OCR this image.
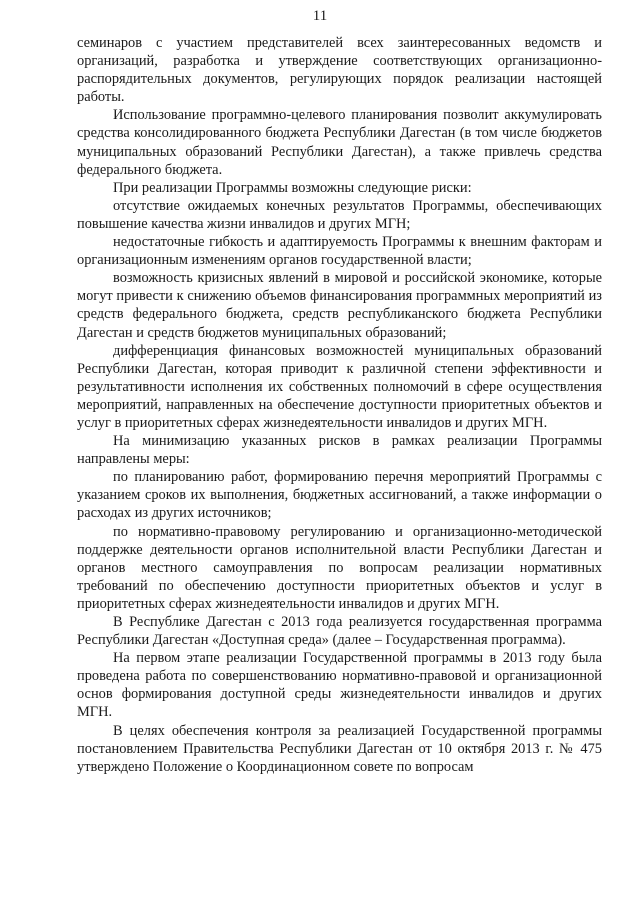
11

семинаров с участием представителей всех заинтересованных ведомств и организаций, разработка и утверждение соответствующих организационно-распорядительных документов, регулирующих порядок реализации настоящей работы.

Использование программно-целевого планирования позволит аккумулировать средства консолидированного бюджета Республики Дагестан (в том числе бюджетов муниципальных образований Республики Дагестан), а также привлечь средства федерального бюджета.

При реализации Программы возможны следующие риски:

отсутствие ожидаемых конечных результатов Программы, обеспечивающих повышение качества жизни инвалидов и других МГН;

недостаточные гибкость и адаптируемость Программы к внешним факторам и организационным изменениям органов государственной власти;

возможность кризисных явлений в мировой и российской экономике, которые могут привести к снижению объемов финансирования программных мероприятий из средств федерального бюджета, средств республиканского бюджета Республики Дагестан и средств бюджетов муниципальных образований;

дифференциация финансовых возможностей муниципальных образований Республики Дагестан, которая приводит к различной степени эффективности и результативности исполнения их собственных полномочий в сфере осуществления мероприятий, направленных на обеспечение доступности приоритетных объектов и услуг в приоритетных сферах жизнедеятельности инвалидов и других МГН.

На минимизацию указанных рисков в рамках реализации Программы направлены меры:

по планированию работ, формированию перечня мероприятий Программы с указанием сроков их выполнения, бюджетных ассигнований, а также информации о расходах из других источников;

по нормативно-правовому регулированию и организационно-методической поддержке деятельности органов исполнительной власти Республики Дагестан и органов местного самоуправления по вопросам реализации нормативных требований по обеспечению доступности приоритетных объектов и услуг в приоритетных сферах жизнедеятельности инвалидов и других МГН.

В Республике Дагестан с 2013 года реализуется государственная программа Республики Дагестан «Доступная среда» (далее – Государственная программа).

На первом этапе реализации Государственной программы в 2013 году была проведена работа по совершенствованию нормативно-правовой и организационной основ формирования доступной среды жизнедеятельности инвалидов и других МГН.

В целях обеспечения контроля за реализацией Государственной программы постановлением Правительства Республики Дагестан от 10 октября 2013 г. № 475 утверждено Положение о Координационном совете по вопросам
